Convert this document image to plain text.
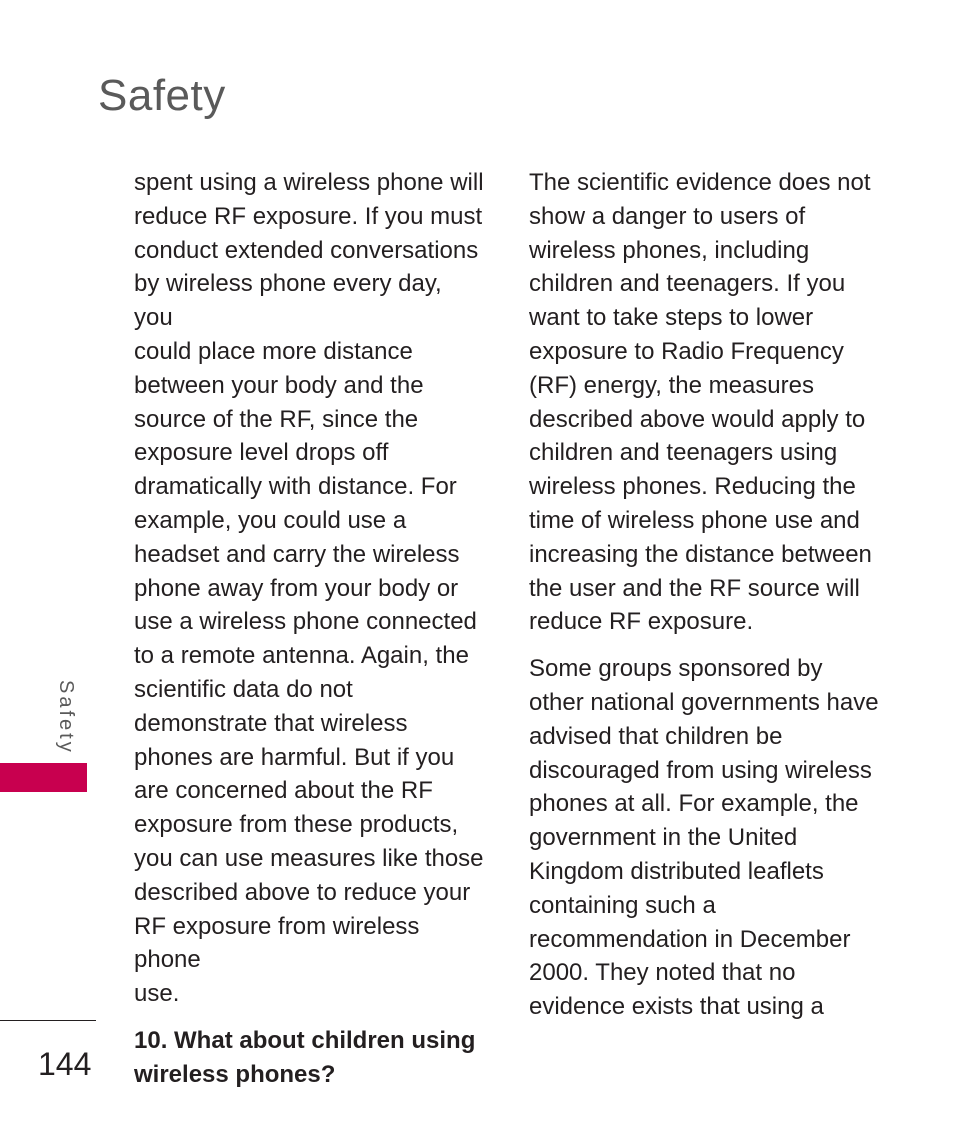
Safety

spent using a wireless phone will
reduce RF exposure. If you must
conduct extended conversations
by wireless phone every day, you
could place more distance
between your body and the
source of the RF, since the
exposure level drops off
dramatically with distance. For
example, you could use a
headset and carry the wireless
phone away from your body or
use a wireless phone connected
to a remote antenna. Again, the
scientific data do not
demonstrate that wireless
phones are harmful. But if you
are concerned about the RF
exposure from these products,
you can use measures like those
described above to reduce your
RF exposure from wireless phone
use.

10. What about children using
wireless phones?

The scientific evidence does not
show a danger to users of
wireless phones, including
children and teenagers. If you
want to take steps to lower
exposure to Radio Frequency
(RF) energy, the measures
described above would apply to
children and teenagers using
wireless phones. Reducing the
time of wireless phone use and
increasing the distance between
the user and the RF source will
reduce RF exposure.

Some groups sponsored by
other national governments have
advised that children be
discouraged from using wireless
phones at all. For example, the
government in the United
Kingdom distributed leaflets
containing such a
recommendation in December
2000. They noted that no
evidence exists that using a

Safety
144
